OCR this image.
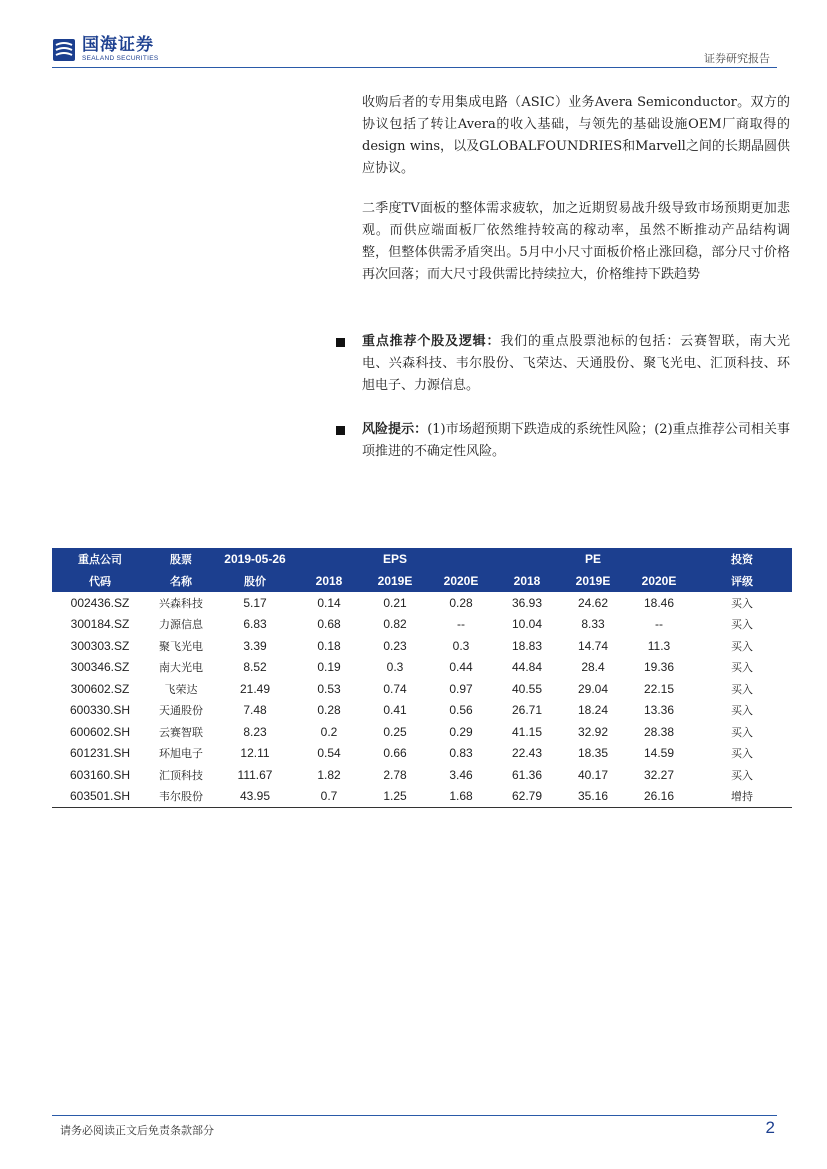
国海证券
SEALAND SECURITIES	证券研究报告

收购后者的专用集成电路（ASIC）业务Avera Semiconductor。双方的协议包括了转让Avera的收入基础，与领先的基础设施OEM厂商取得的design wins，以及GLOBALFOUNDRIES和Marvell之间的长期晶圆供应协议。

二季度TV面板的整体需求疲软，加之近期贸易战升级导致市场预期更加悲观。而供应端面板厂依然维持较高的稼动率，虽然不断推动产品结构调整，但整体供需矛盾突出。5月中小尺寸面板价格止涨回稳，部分尺寸价格再次回落；而大尺寸段供需比持续拉大，价格维持下跌趋势

重点推荐个股及逻辑：我们的重点股票池标的包括：云赛智联，南大光电、兴森科技、韦尔股份、飞荣达、天通股份、聚飞光电、汇顶科技、环旭电子、力源信息。
风险提示：(1)市场超预期下跌造成的系统性风险；(2)重点推荐公司相关事项推进的不确定性风险。
重点公司	股票	2019-05-26		EPS			PE		投资
代码	名称	股价	2018	2019E	2020E	2018	2019E	2020E	评级
002436.SZ	兴森科技	5.17	0.14	0.21	0.28	36.93	24.62	18.46	买入
300184.SZ	力源信息	6.83	0.68	0.82	--	10.04	8.33	--	买入
300303.SZ	聚飞光电	3.39	0.18	0.23	0.3	18.83	14.74	11.3	买入
300346.SZ	南大光电	8.52	0.19	0.3	0.44	44.84	28.4	19.36	买入
300602.SZ	飞荣达	21.49	0.53	0.74	0.97	40.55	29.04	22.15	买入
600330.SH	天通股份	7.48	0.28	0.41	0.56	26.71	18.24	13.36	买入
600602.SH	云赛智联	8.23	0.2	0.25	0.29	41.15	32.92	28.38	买入
601231.SH	环旭电子	12.11	0.54	0.66	0.83	22.43	18.35	14.59	买入
603160.SH	汇顶科技	111.67	1.82	2.78	3.46	61.36	40.17	32.27	买入
603501.SH	韦尔股份	43.95	0.7	1.25	1.68	62.79	35.16	26.16	增持
请务必阅读正文后免责条款部分	2
